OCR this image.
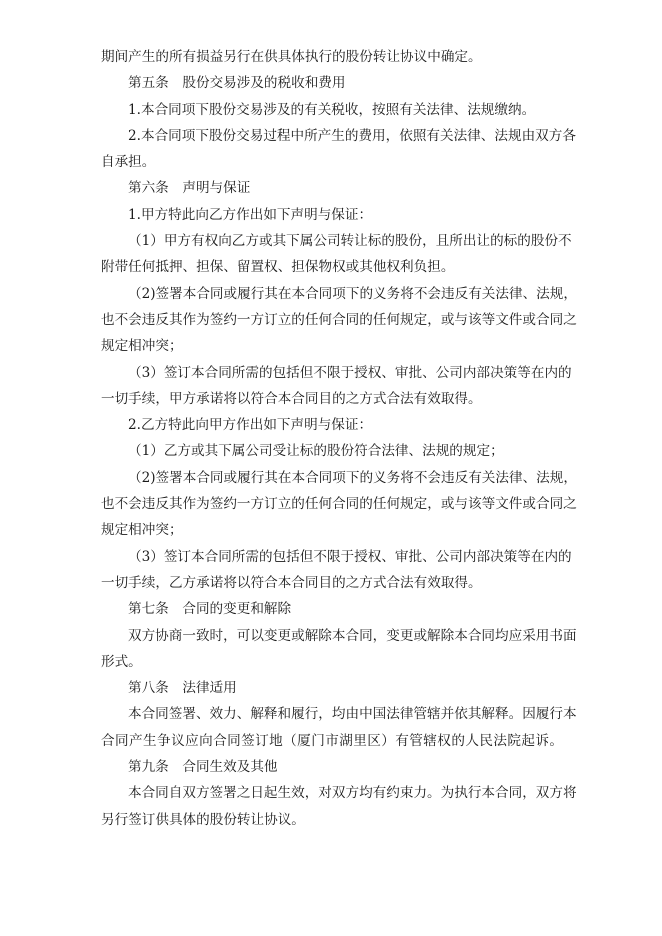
期间产生的所有损益另行在供具体执行的股份转让协议中确定。
第五条　股份交易涉及的税收和费用
1.本合同项下股份交易涉及的有关税收，按照有关法律、法规缴纳。
2.本合同项下股份交易过程中所产生的费用，依照有关法律、法规由双方各
自承担。
第六条　声明与保证
1.甲方特此向乙方作出如下声明与保证：
（1）甲方有权向乙方或其下属公司转让标的股份，且所出让的标的股份不
附带任何抵押、担保、留置权、担保物权或其他权利负担。
（2)签署本合同或履行其在本合同项下的义务将不会违反有关法律、法规，
也不会违反其作为签约一方订立的任何合同的任何规定，或与该等文件或合同之
规定相冲突；
（3）签订本合同所需的包括但不限于授权、审批、公司内部决策等在内的
一切手续，甲方承诺将以符合本合同目的之方式合法有效取得。
2.乙方特此向甲方作出如下声明与保证：
（1）乙方或其下属公司受让标的股份符合法律、法规的规定；
（2)签署本合同或履行其在本合同项下的义务将不会违反有关法律、法规，
也不会违反其作为签约一方订立的任何合同的任何规定，或与该等文件或合同之
规定相冲突；
（3）签订本合同所需的包括但不限于授权、审批、公司内部决策等在内的
一切手续，乙方承诺将以符合本合同目的之方式合法有效取得。
第七条　合同的变更和解除
双方协商一致时，可以变更或解除本合同，变更或解除本合同均应采用书面
形式。
第八条　法律适用
本合同签署、效力、解释和履行，均由中国法律管辖并依其解释。因履行本
合同产生争议应向合同签订地（厦门市湖里区）有管辖权的人民法院起诉。
第九条　合同生效及其他
本合同自双方签署之日起生效，对双方均有约束力。为执行本合同，双方将
另行签订供具体的股份转让协议。
